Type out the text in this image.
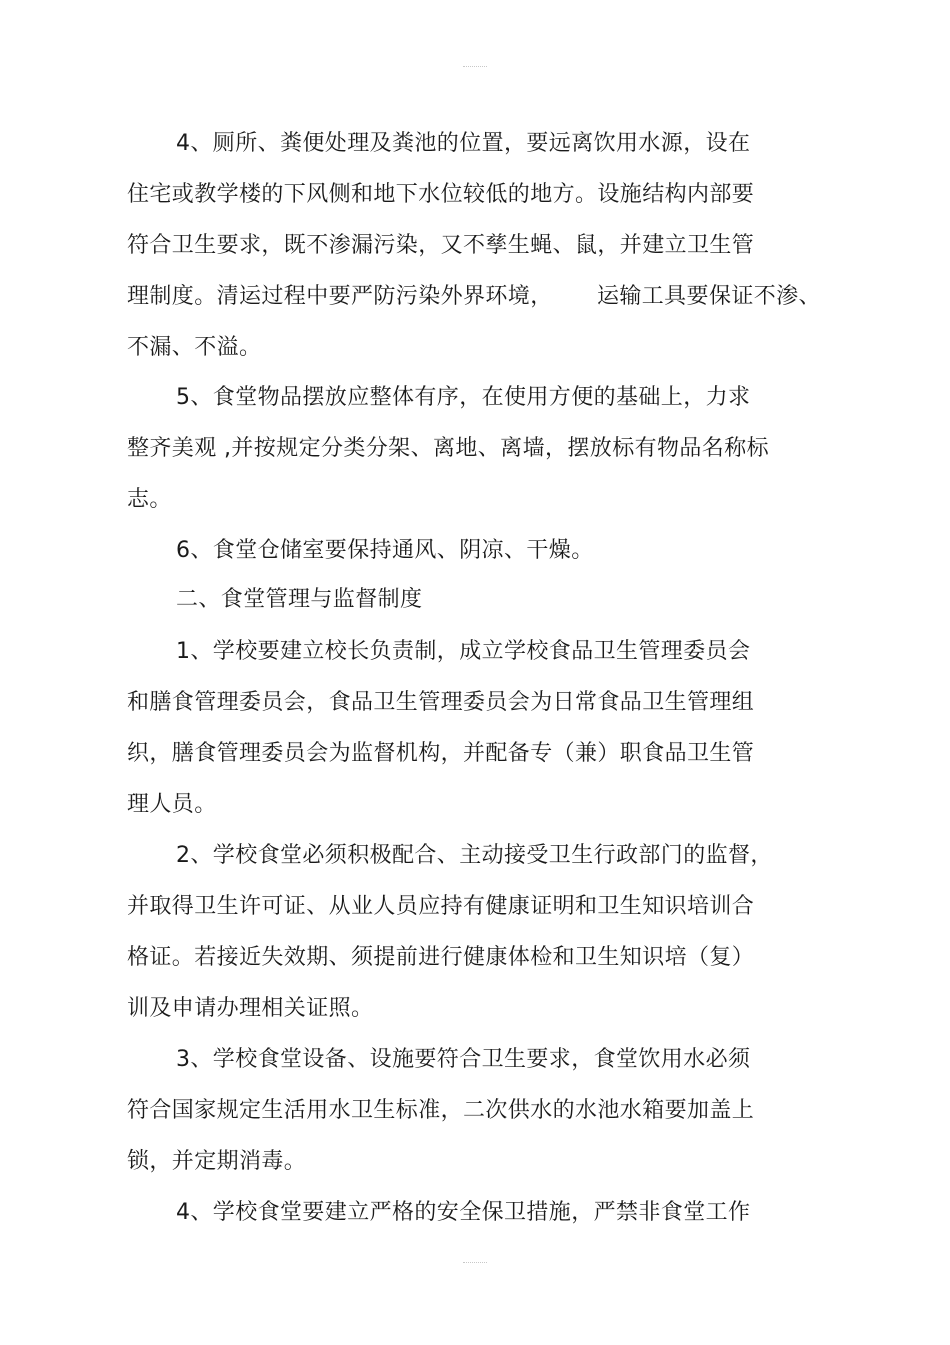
4、厕所、粪便处理及粪池的位置，要远离饮用水源，设在
住宅或教学楼的下风侧和地下水位较低的地方。设施结构内部要
符合卫生要求，既不渗漏污染，又不孳生蝇、鼠，并建立卫生管
理制度。清运过程中要严防污染外界环境，      运输工具要保证不渗、
不漏、不溢。
5、食堂物品摆放应整体有序，在使用方便的基础上，力求
整齐美观 ,并按规定分类分架、离地、离墙，摆放标有物品名称标
志。
6、食堂仓储室要保持通风、阴凉、干燥。
二、食堂管理与监督制度
1、学校要建立校长负责制，成立学校食品卫生管理委员会
和膳食管理委员会，食品卫生管理委员会为日常食品卫生管理组
织，膳食管理委员会为监督机构，并配备专（兼）职食品卫生管
理人员。
2、学校食堂必须积极配合、主动接受卫生行政部门的监督，
并取得卫生许可证、从业人员应持有健康证明和卫生知识培训合
格证。若接近失效期、须提前进行健康体检和卫生知识培（复）
训及申请办理相关证照。
3、学校食堂设备、设施要符合卫生要求，食堂饮用水必须
符合国家规定生活用水卫生标准，二次供水的水池水箱要加盖上
锁，并定期消毒。
4、学校食堂要建立严格的安全保卫措施，严禁非食堂工作
